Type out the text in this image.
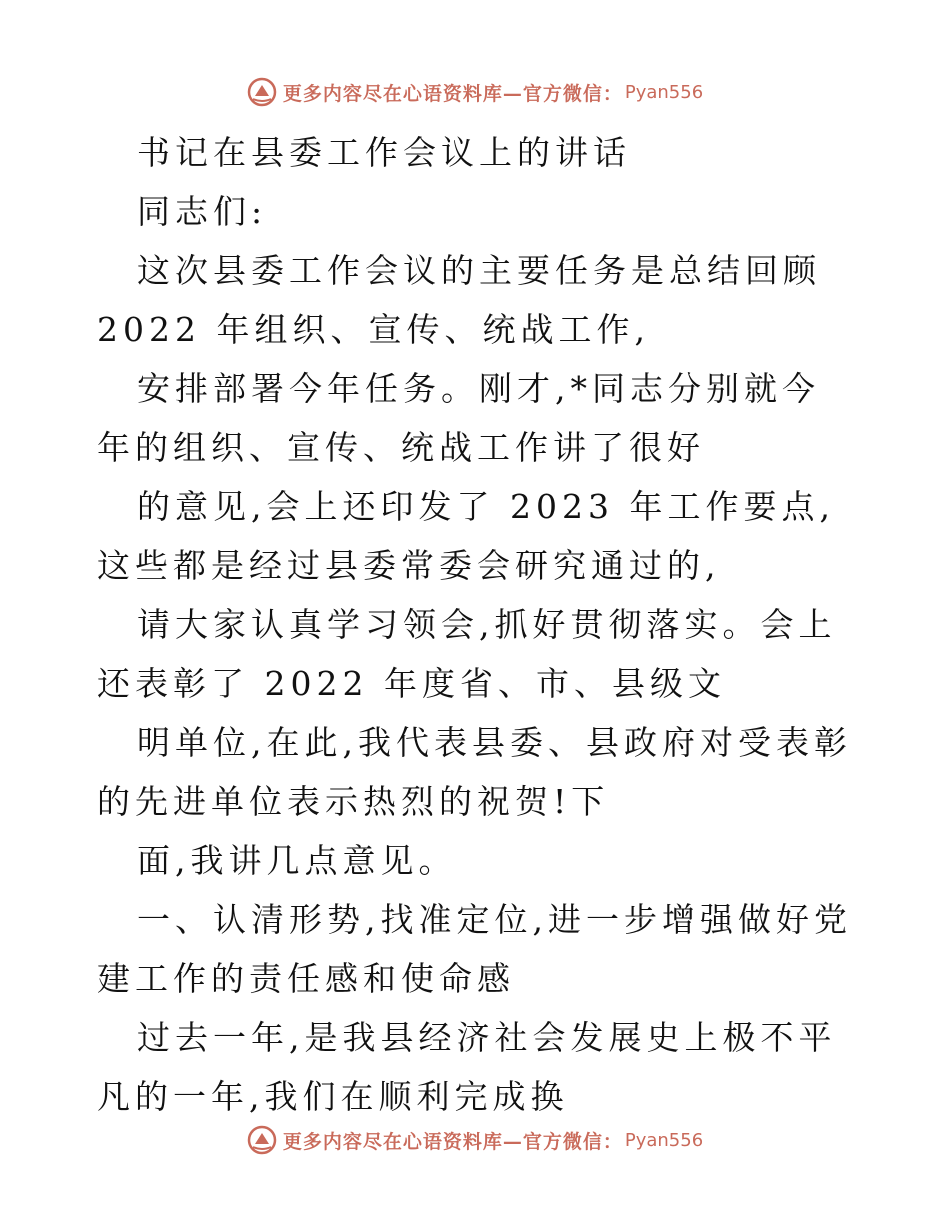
更多内容尽在心语资料库—官方微信： Pyan556

书记在县委工作会议上的讲话

同志们:

这次县委工作会议的主要任务是总结回顾 2022 年组织、宣传、统战工作,

安排部署今年任务。刚才,*同志分别就今年的组织、宣传、统战工作讲了很好

的意见,会上还印发了 2023 年工作要点,这些都是经过县委常委会研究通过的,

请大家认真学习领会,抓好贯彻落实。会上还表彰了 2022 年度省、市、县级文

明单位,在此,我代表县委、县政府对受表彰的先进单位表示热烈的祝贺!下

面,我讲几点意见。

一、认清形势,找准定位,进一步增强做好党建工作的责任感和使命感

过去一年,是我县经济社会发展史上极不平凡的一年,我们在顺利完成换

更多内容尽在心语资料库—官方微信： Pyan556
